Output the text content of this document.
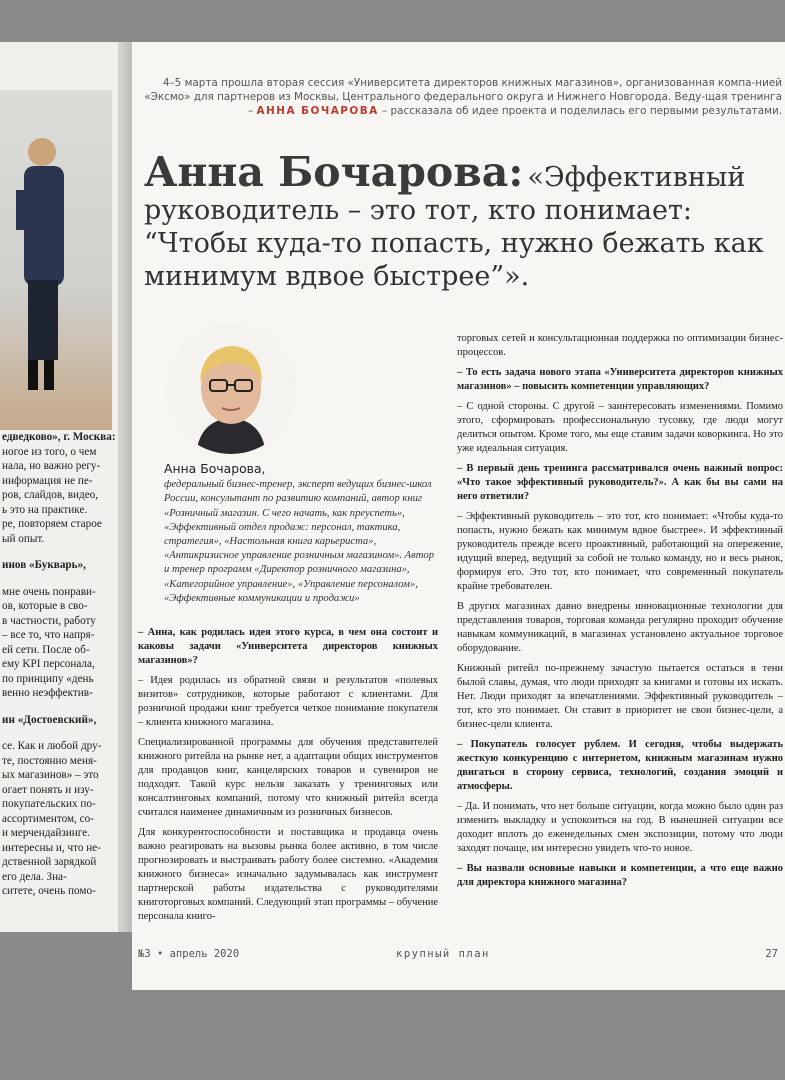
едведково», г. Москва:

ногое из того, о чем

нала, но важно регу-

информация не пе-

ров, слайдов, видео,

ь это на практике.

ре, повторяем старое

ый опыт.

инов «Букварь»,

мне очень понрави-

ов, которые в сво-

в частности, работу

– все то, что напря-

ей сети. После об-

ему KPI персонала,

по принципу «день

венно неэффектив-

ин «Достоевский»,

се. Как и любой дру-

те, постоянно меня-

ых магазинов» – это

огает понять и изу-

покупательских по-

ассортиментом, со-

и мерчендайзинге.

интересны и, что не-

дственной зарядкой

его дела. Зна-

ситете, очень помо-

4–5 марта прошла вторая сессия «Университета директоров книжных магазинов», организованная компа-нией «Эксмо» для партнеров из Москвы, Центрального федерального округа и Нижнего Новгорода. Веду-щая тренинга – АННА БОЧАРОВА – рассказала об идее проекта и поделилась его первыми результатами.
Анна Бочарова: «Эффективный руководитель – это тот, кто понимает: “Чтобы куда-то попасть, нужно бежать как минимум вдвое быстрее”».
Анна Бочарова,
федеральный бизнес-тренер, эксперт ведущих бизнес-школ России, консультант по развитию компаний, автор книг «Розничный магазин. С чего начать, как преуспеть», «Эффективный отдел продаж: персонал, тактика, стратегия», «Настольная книга карьериста», «Антикризисное управление розничным магазином». Автор и тренер программ «Директор розничного магазина», «Категорийное управление», «Управление персоналом», «Эффективные коммуникации и продажи»

– Анна, как родилась идея этого курса, в чем она состоит и каковы задачи «Университета директоров книжных магазинов»?

– Идея родилась из обратной связи и результатов «полевых визитов» сотрудников, которые работают с клиентами. Для розничной продажи книг требуется четкое понимание покупателя – клиента книжного магазина.

Специализированной программы для обучения представителей книжного ритейла на рынке нет, а адаптации общих инструментов для продавцов книг, канцелярских товаров и сувениров не подходят. Такой курс нельзя заказать у тренинговых или консалтинговых компаний, потому что книжный ритейл всегда считался наименее динамичным из розничных бизнесов.

Для конкурентоспособности и поставщика и продавца очень важно реагировать на вызовы рынка более активно, в том числе прогнозировать и выстраивать работу более системно. «Академия книжного бизнеса» изначально задумывалась как инструмент партнерской работы издательства с руководителями книготорговых компаний. Следующий этап программы – обучение персонала книго-

торговых сетей и консультационная поддержка по оптимизации бизнес-процессов.

– То есть задача нового этапа «Университета директоров книжных магазинов» – повысить компетенции управляющих?

– С одной стороны. С другой – заинтересовать изменениями. Помимо этого, сформировать профессиональную тусовку, где люди могут делиться опытом. Кроме того, мы еще ставим задачи коворкинга. Но это уже идеальная ситуация.

– В первый день тренинга рассматривался очень важный вопрос: «Что такое эффективный руководитель?». А как бы вы сами на него ответили?

– Эффективный руководитель – это тот, кто понимает: «Чтобы куда-то попасть, нужно бежать как минимум вдвое быстрее». И эффективный руководитель прежде всего проактивный, работающий на опережение, идущий вперед, ведущий за собой не только команду, но и весь рынок, формируя его. Это тот, кто понимает, что современный покупатель крайне требователен.

В других магазинах давно внедрены инновационные технологии для представления товаров, торговая команда регулярно проходит обучение навыкам коммуникаций, в магазинах установлено актуальное торговое оборудование.

Книжный ритейл по-прежнему зачастую пытается остаться в тени былой славы, думая, что люди приходят за книгами и готовы их искать. Нет. Люди приходят за впечатлениями. Эффективный руководитель – тот, кто это понимает. Он ставит в приоритет не свои бизнес-цели, а бизнес-цели клиента.

– Покупатель голосует рублем. И сегодня, чтобы выдержать жесткую конкуренцию с интернетом, книжным магазинам нужно двигаться в сторону сервиса, технологий, создания эмоций и атмосферы.

– Да. И понимать, что нет больше ситуации, когда можно было один раз изменить выкладку и успокоиться на год. В нынешней ситуации все доходит вплоть до еженедельных смен экспозиции, потому что люди заходят почаще, им интересно увидеть что-то новое.

– Вы назвали основные навыки и компетенции, а что еще важно для директора книжного магазина?

№3 • апрель 2020	крупный план	27
